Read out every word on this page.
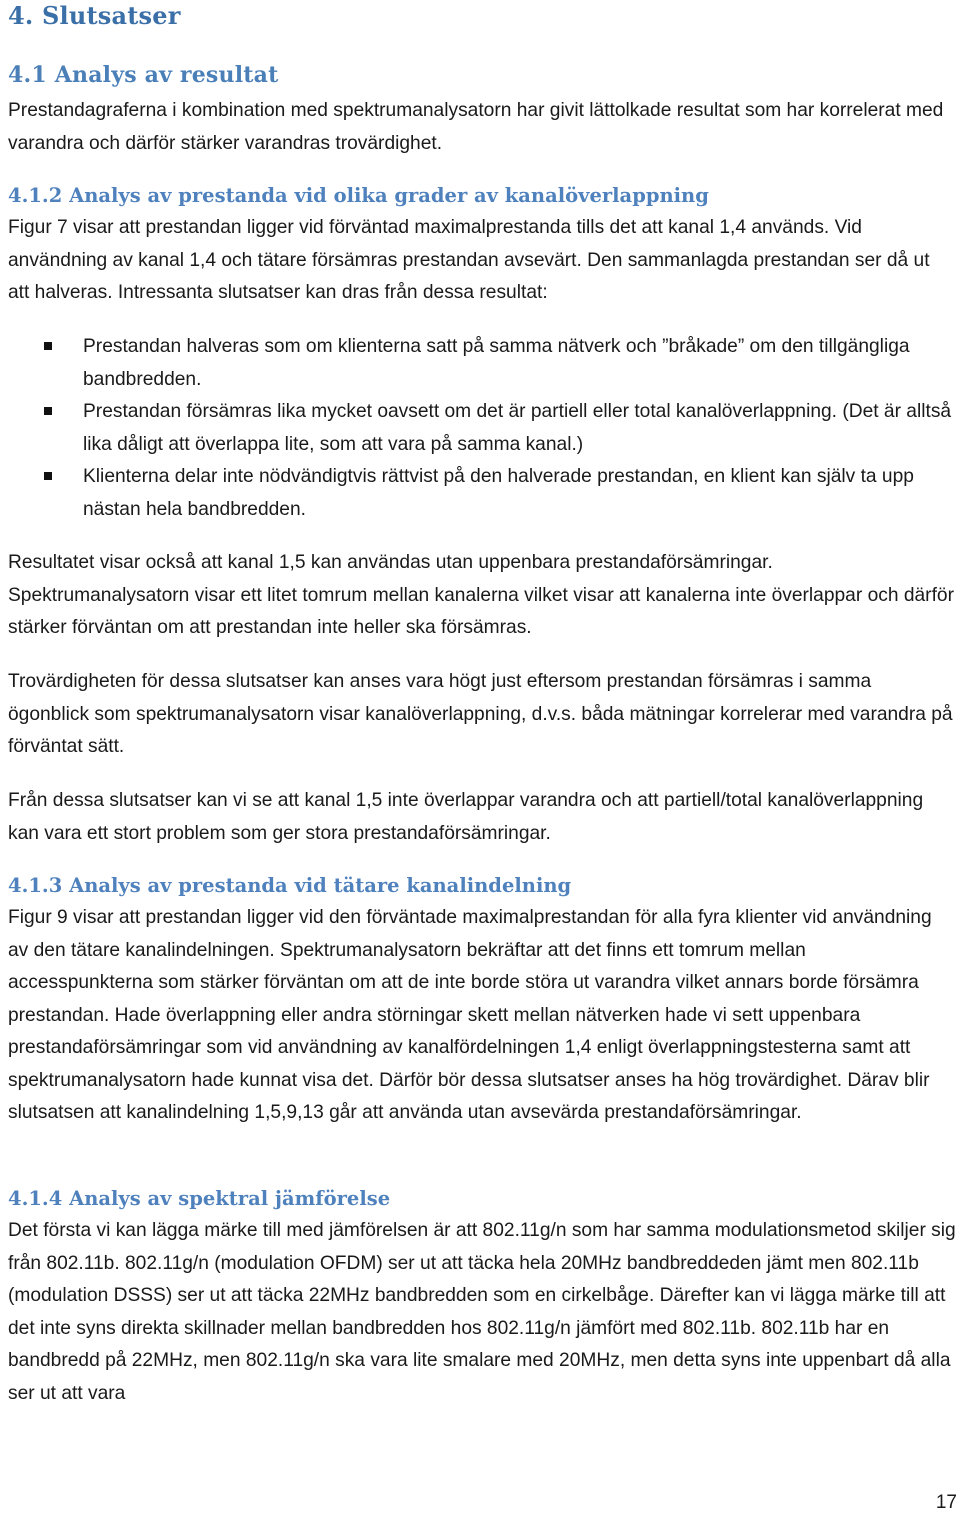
4. Slutsatser
4.1 Analys av resultat

Prestandagraferna i kombination med spektrumanalysatorn har givit lättolkade resultat som har korrelerat med varandra och därför stärker varandras trovärdighet.

4.1.2 Analys av prestanda vid olika grader av kanalöverlappning

Figur 7 visar att prestandan ligger vid förväntad maximalprestanda tills det att kanal 1,4 används. Vid användning av kanal 1,4 och tätare försämras prestandan avsevärt. Den sammanlagda prestandan ser då ut att halveras. Intressanta slutsatser kan dras från dessa resultat:

Prestandan halveras som om klienterna satt på samma nätverk och ”bråkade” om den tillgängliga bandbredden.
Prestandan försämras lika mycket oavsett om det är partiell eller total kanalöverlappning. (Det är alltså lika dåligt att överlappa lite, som att vara på samma kanal.)
Klienterna delar inte nödvändigtvis rättvist på den halverade prestandan, en klient kan själv ta upp nästan hela bandbredden.

Resultatet visar också att kanal 1,5 kan användas utan uppenbara prestandaförsämringar. Spektrumanalysatorn visar ett litet tomrum mellan kanalerna vilket visar att kanalerna inte överlappar och därför stärker förväntan om att prestandan inte heller ska försämras.

Trovärdigheten för dessa slutsatser kan anses vara högt just eftersom prestandan försämras i samma ögonblick som spektrumanalysatorn visar kanalöverlappning, d.v.s. båda mätningar korrelerar med varandra på förväntat sätt.

Från dessa slutsatser kan vi se att kanal 1,5 inte överlappar varandra och att partiell/total kanalöverlappning kan vara ett stort problem som ger stora prestandaförsämringar.

4.1.3 Analys av prestanda vid tätare kanalindelning

Figur 9 visar att prestandan ligger vid den förväntade maximalprestandan för alla fyra klienter vid användning av den tätare kanalindelningen. Spektrumanalysatorn bekräftar att det finns ett tomrum mellan accesspunkterna som stärker förväntan om att de inte borde störa ut varandra vilket annars borde försämra prestandan. Hade överlappning eller andra störningar skett mellan nätverken hade vi sett uppenbara prestandaförsämringar som vid användning av kanalfördelningen 1,4 enligt överlappningstesterna samt att spektrumanalysatorn hade kunnat visa det. Därför bör dessa slutsatser anses ha hög trovärdighet. Därav blir slutsatsen att kanalindelning 1,5,9,13 går att använda utan avsevärda prestandaförsämringar.

4.1.4 Analys av spektral jämförelse

Det första vi kan lägga märke till med jämförelsen är att 802.11g/n som har samma modulationsmetod skiljer sig från 802.11b. 802.11g/n (modulation OFDM) ser ut att täcka hela 20MHz bandbreddeden jämt men 802.11b (modulation DSSS) ser ut att täcka 22MHz bandbredden som en cirkelbåge. Därefter kan vi lägga märke till att det inte syns direkta skillnader mellan bandbredden hos 802.11g/n jämfört med 802.11b. 802.11b har en bandbredd på 22MHz, men 802.11g/n ska vara lite smalare med 20MHz, men detta syns inte uppenbart då alla ser ut att vara

17
